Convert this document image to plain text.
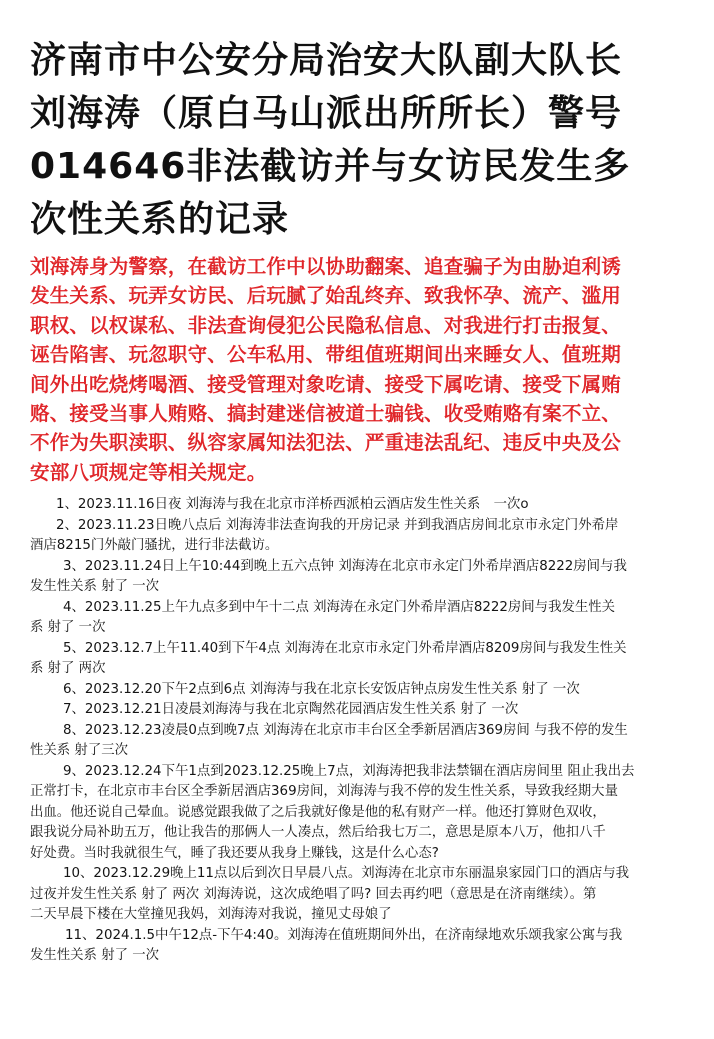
济南市中公安分局治安大队副大队长
刘海涛（原白马山派出所所长）警号
014646非法截访并与女访民发生多
次性关系的记录
刘海涛身为警察，在截访工作中以协助翻案、追查骗子为由胁迫利诱
发生关系、玩弄女访民、后玩腻了始乱终弃、致我怀孕、流产、滥用
职权、以权谋私、非法查询侵犯公民隐私信息、对我进行打击报复、
诬告陷害、玩忽职守、公车私用、带组值班期间出来睡女人、值班期
间外出吃烧烤喝酒、接受管理对象吃请、接受下属吃请、接受下属贿
赂、接受当事人贿赂、搞封建迷信被道士骗钱、收受贿赂有案不立、
不作为失职渎职、纵容家属知法犯法、严重违法乱纪、违反中央及公
安部八项规定等相关规定。
1、2023.11.16日夜 刘海涛与我在北京市洋桥西派柏云酒店发生性关系　一次o
2、2023.11.23日晚八点后 刘海涛非法查询我的开房记录 并到我酒店房间北京市永定门外希岸
酒店8215门外敲门骚扰，进行非法截访。
3、2023.11.24日上午10:44到晚上五六点钟 刘海涛在北京市永定门外希岸酒店8222房间与我
发生性关系 射了 一次
4、2023.11.25上午九点多到中午十二点 刘海涛在永定门外希岸酒店8222房间与我发生性关
系 射了 一次
5、2023.12.7上午11.40到下午4点 刘海涛在北京市永定门外希岸酒店8209房间与我发生性关
系 射了 两次
6、2023.12.20下午2点到6点 刘海涛与我在北京长安饭店钟点房发生性关系 射了 一次
7、2023.12.21日凌晨刘海涛与我在北京陶然花园酒店发生性关系 射了 一次
8、2023.12.23凌晨0点到晚7点 刘海涛在北京市丰台区全季新居酒店369房间 与我不停的发生
性关系 射了三次
9、2023.12.24下午1点到2023.12.25晚上7点，刘海涛把我非法禁锢在酒店房间里 阻止我出去
正常打卡，在北京市丰台区全季新居酒店369房间，刘海涛与我不停的发生性关系，导致我经期大量
出血。他还说自己晕血。说感觉跟我做了之后我就好像是他的私有财产一样。他还打算财色双收，
跟我说分局补助五万，他让我告的那俩人一人凑点，然后给我七万二，意思是原本八万，他扣八千
好处费。当时我就很生气，睡了我还要从我身上赚钱，这是什么心态?
10、2023.12.29晚上11点以后到次日早晨八点。刘海涛在北京市东丽温泉家园门口的酒店与我
过夜并发生性关系 射了 两次 刘海涛说，这次成绝唱了吗? 回去再约吧（意思是在济南继续）。第
二天早晨下楼在大堂撞见我妈，刘海涛对我说，撞见丈母娘了
11、2024.1.5中午12点-下午4:40。刘海涛在值班期间外出，在济南绿地欢乐颂我家公寓与我
发生性关系 射了 一次
